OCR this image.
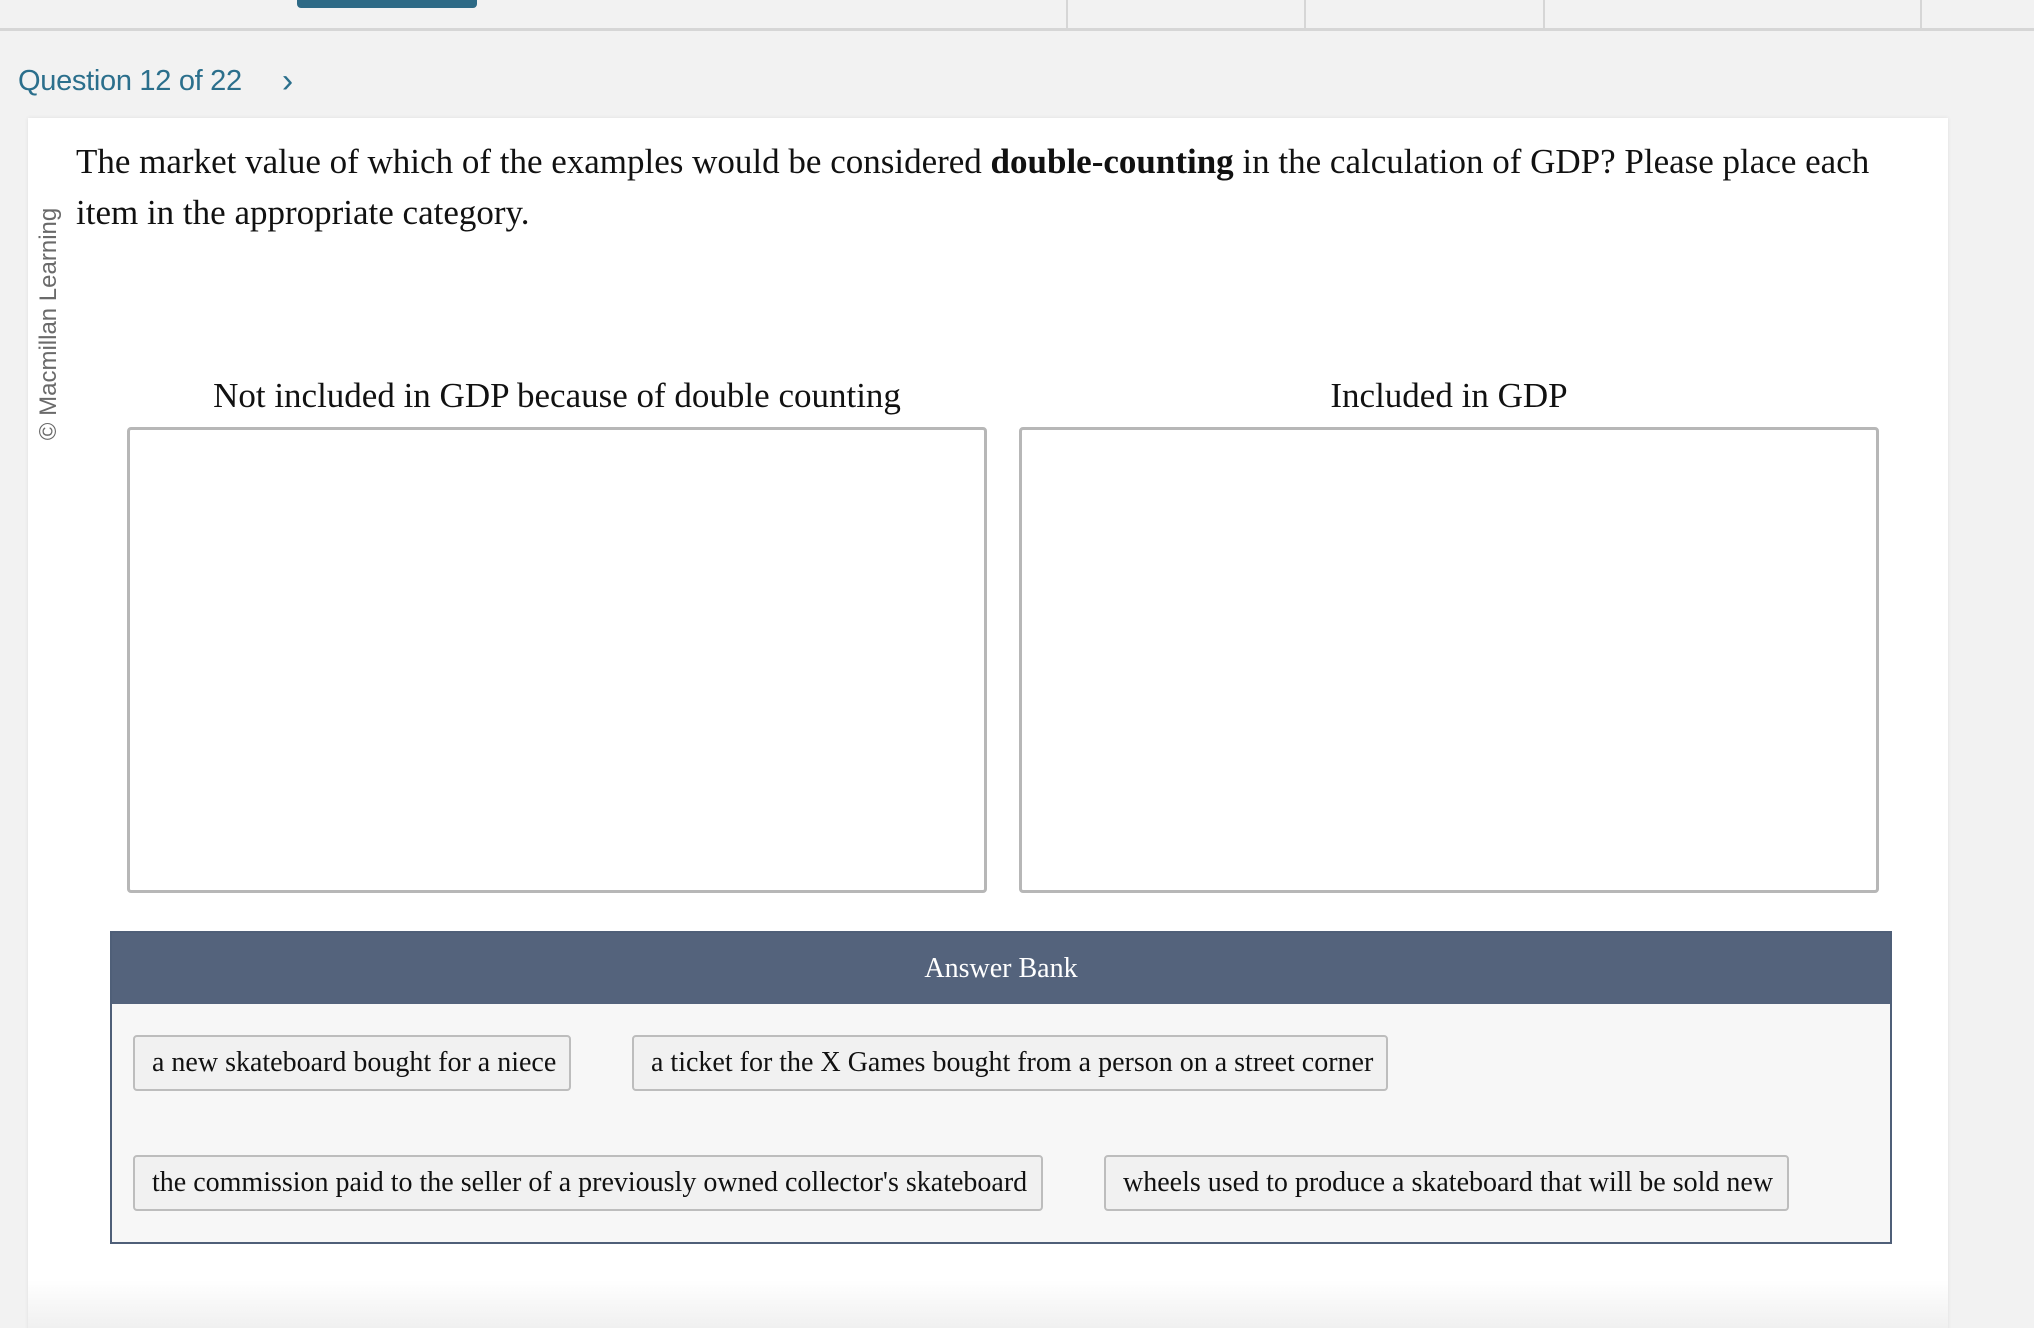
Question 12 of 22 ›
© Macmillan Learning
The market value of which of the examples would be considered double-counting in the calculation of GDP? Please place each item in the appropriate category.
Not included in GDP because of double counting	Included in GDP
Answer Bank
a new skateboard bought for a niece	a ticket for the X Games bought from a person on a street corner
the commission paid to the seller of a previously owned collector's skateboard	wheels used to produce a skateboard that will be sold new
